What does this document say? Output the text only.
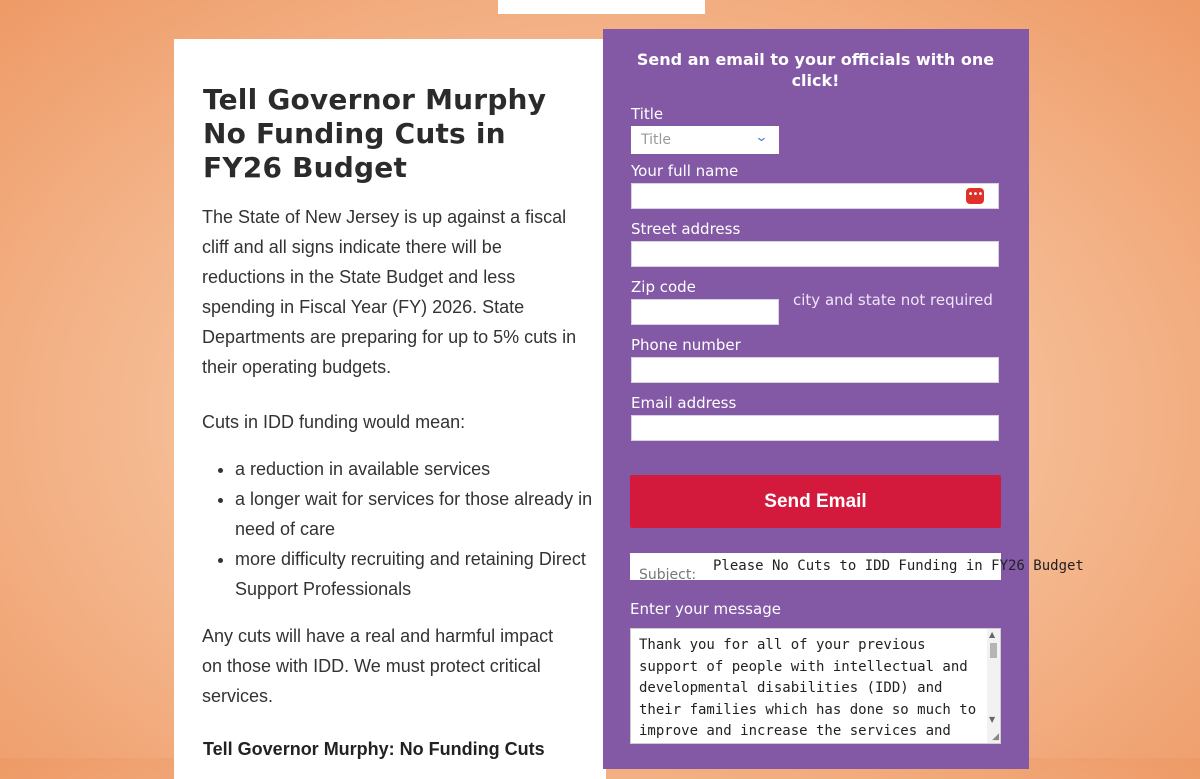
Tell Governor Murphy No Funding Cuts in FY26 Budget
The State of New Jersey is up against a fiscal cliff and all signs indicate there will be reductions in the State Budget and less spending in Fiscal Year (FY) 2026. State Departments are preparing for up to 5% cuts in their operating budgets.
Cuts in IDD funding would mean:
• a reduction in available services
• a longer wait for services for those already in need of care
• more difficulty recruiting and retaining Direct Support Professionals
Any cuts will have a real and harmful impact on those with IDD. We must protect critical services.
Tell Governor Murphy: No Funding Cuts
Send an email to your officials with one click!
Title
Title	⌄
Your full name
•••
Street address
Zip code
city and state not required
Phone number
Email address
Send Email
Subject:
Please No Cuts to IDD Funding in FY26 Budget
Enter your message
Thank you for all of your previous support of people with intellectual and developmental disabilities (IDD) and their families which has done so much to improve and increase the services and
▲
▼
◢
